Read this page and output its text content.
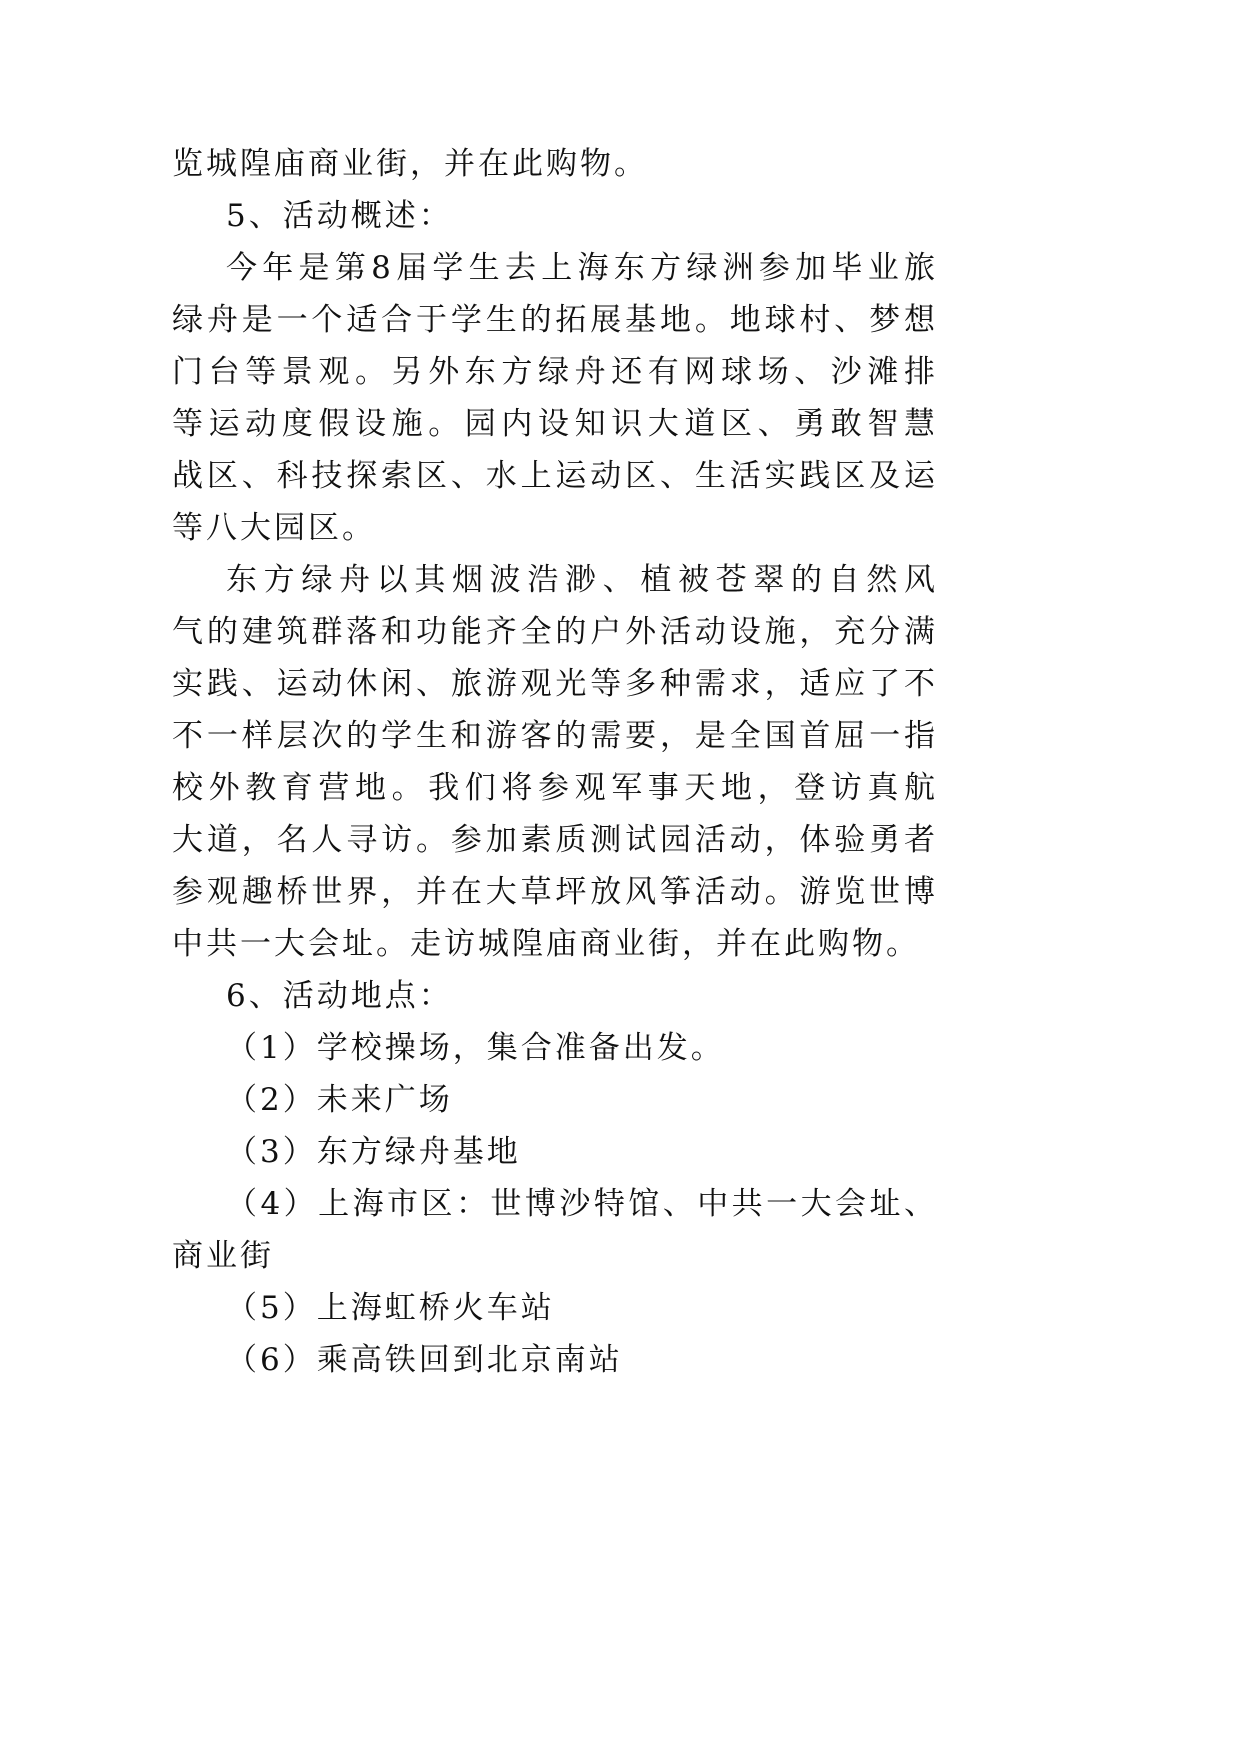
览城隍庙商业街，并在此购物。
5、活动概述：
今年是第8届学生去上海东方绿洲参加毕业旅
绿舟是一个适合于学生的拓展基地。地球村、梦想
门台等景观。另外东方绿舟还有网球场、沙滩排
等运动度假设施。园内设知识大道区、勇敢智慧
战区、科技探索区、水上运动区、生活实践区及运
等八大园区。
东方绿舟以其烟波浩渺、植被苍翠的自然风
气的建筑群落和功能齐全的户外活动设施，充分满
实践、运动休闲、旅游观光等多种需求，适应了不
不一样层次的学生和游客的需要，是全国首屈一指
校外教育营地。我们将参观军事天地，登访真航
大道，名人寻访。参加素质测试园活动，体验勇者
参观趣桥世界，并在大草坪放风筝活动。游览世博
中共一大会址。走访城隍庙商业街，并在此购物。
6、活动地点：
（1）学校操场，集合准备出发。
（2）未来广场
（3）东方绿舟基地
（4）上海市区：世博沙特馆、中共一大会址、
商业街
（5）上海虹桥火车站
（6）乘高铁回到北京南站
